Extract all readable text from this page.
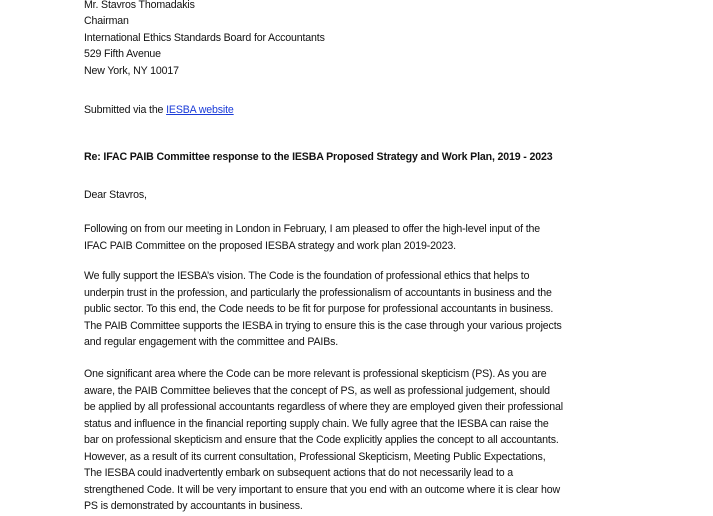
Mr. Stavros Thomadakis
Chairman
International Ethics Standards Board for Accountants
529 Fifth Avenue
New York, NY 10017
Submitted via the IESBA website
Re: IFAC PAIB Committee response to the IESBA Proposed Strategy and Work Plan, 2019 - 2023
Dear Stavros,
Following on from our meeting in London in February, I am pleased to offer the high-level input of the
IFAC PAIB Committee on the proposed IESBA strategy and work plan 2019-2023.
We fully support the IESBA’s vision. The Code is the foundation of professional ethics that helps to
underpin trust in the profession, and particularly the professionalism of accountants in business and the
public sector. To this end, the Code needs to be fit for purpose for professional accountants in business.
The PAIB Committee supports the IESBA in trying to ensure this is the case through your various projects
and regular engagement with the committee and PAIBs.
One significant area where the Code can be more relevant is professional skepticism (PS). As you are
aware, the PAIB Committee believes that the concept of PS, as well as professional judgement, should
be applied by all professional accountants regardless of where they are employed given their professional
status and influence in the financial reporting supply chain. We fully agree that the IESBA can raise the
bar on professional skepticism and ensure that the Code explicitly applies the concept to all accountants.
However, as a result of its current consultation, Professional Skepticism, Meeting Public Expectations,
The IESBA could inadvertently embark on subsequent actions that do not necessarily lead to a
strengthened Code. It will be very important to ensure that you end with an outcome where it is clear how
PS is demonstrated by accountants in business.
